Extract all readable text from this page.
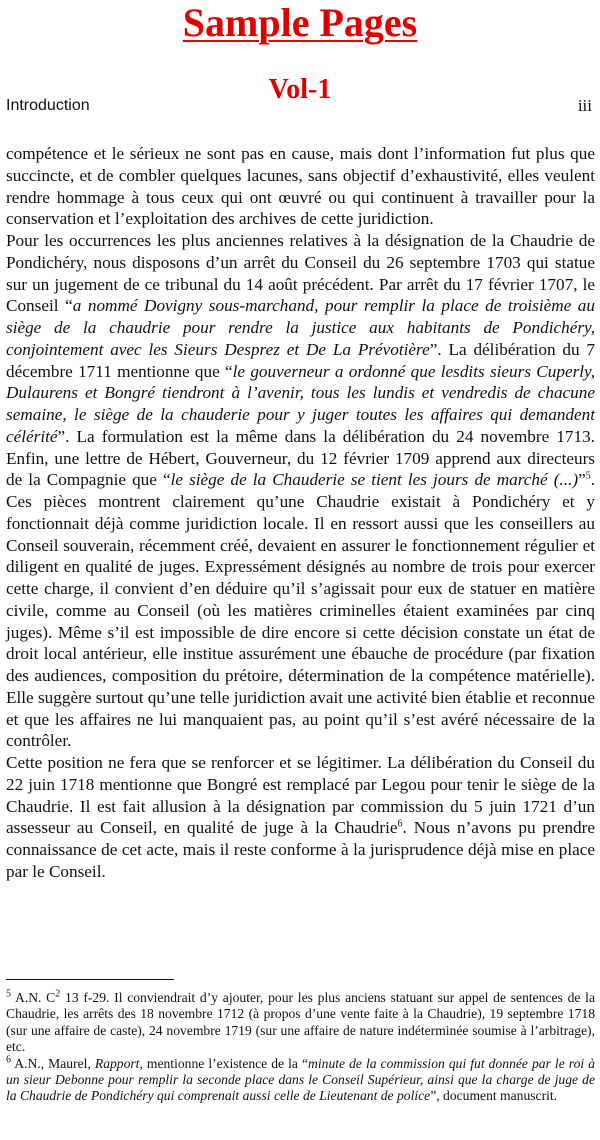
Sample Pages
Vol-1
Introduction	iii

compétence et le sérieux ne sont pas en cause, mais dont l’information fut plus que succincte, et de combler quelques lacunes, sans objectif d’exhaustivité, elles veulent rendre hommage à tous ceux qui ont œuvré ou qui continuent à travailler pour la conservation et l’exploitation des archives de cette juridiction.

Pour les occurrences les plus anciennes relatives à la désignation de la Chaudrie de Pondichéry, nous disposons d’un arrêt du Conseil du 26 septembre 1703 qui statue sur un jugement de ce tribunal du 14 août précédent. Par arrêt du 17 février 1707, le Conseil “a nommé Dovigny sous-marchand, pour remplir la place de troisième au siège de la chaudrie pour rendre la justice aux habitants de Pondichéry, conjointement avec les Sieurs Desprez et De La Prévotière”. La délibération du 7 décembre 1711 mentionne que “le gouverneur a ordonné que lesdits sieurs Cuperly, Dulaurens et Bongré tiendront à l’avenir, tous les lundis et vendredis de chacune semaine, le siège de la chauderie pour y juger toutes les affaires qui demandent célérité”. La formulation est la même dans la délibération du 24 novembre 1713. Enfin, une lettre de Hébert, Gouverneur, du 12 février 1709 apprend aux directeurs de la Compagnie que “le siège de la Chauderie se tient les jours de marché (...)”$^5$. Ces pièces montrent clairement qu’une Chaudrie existait à Pondichéry et y fonctionnait déjà comme juridiction locale. Il en ressort aussi que les conseillers au Conseil souverain, récemment créé, devaient en assurer le fonctionnement régulier et diligent en qualité de juges. Expressément désignés au nombre de trois pour exercer cette charge, il convient d’en déduire qu’il s’agissait pour eux de statuer en matière civile, comme au Conseil (où les matières criminelles étaient examinées par cinq juges). Même s’il est impossible de dire encore si cette décision constate un état de droit local antérieur, elle institue assurément une ébauche de procédure (par fixation des audiences, composition du prétoire, détermination de la compétence matérielle). Elle suggère surtout qu’une telle juridiction avait une activité bien établie et reconnue et que les affaires ne lui manquaient pas, au point qu’il s’est avéré nécessaire de la contrôler.

Cette position ne fera que se renforcer et se légitimer. La délibération du Conseil du 22 juin 1718 mentionne que Bongré est remplacé par Legou pour tenir le siège de la Chaudrie. Il est fait allusion à la désignation par commission du 5 juin 1721 d’un assesseur au Conseil, en qualité de juge à la Chaudrie$^6$. Nous n’avons pu prendre connaissance de cet acte, mais il reste conforme à la jurisprudence déjà mise en place par le Conseil.

$^5$ A.N. $C^2$ 13 f-29. Il conviendrait d’y ajouter, pour les plus anciens statuant sur appel de sentences de la Chaudrie, les arrêts des 18 novembre 1712 (à propos d’une vente faite à la Chaudrie), 19 septembre 1718 (sur une affaire de caste), 24 novembre 1719 (sur une affaire de nature indéterminée soumise à l’arbitrage), etc.

$^6$ A.N., Maurel, Rapport, mentionne l’existence de la “minute de la commission qui fut donnée par le roi à un sieur Debonne pour remplir la seconde place dans le Conseil Supérieur, ainsi que la charge de juge de la Chaudrie de Pondichéry qui comprenait aussi celle de Lieutenant de police”, document manuscrit.
